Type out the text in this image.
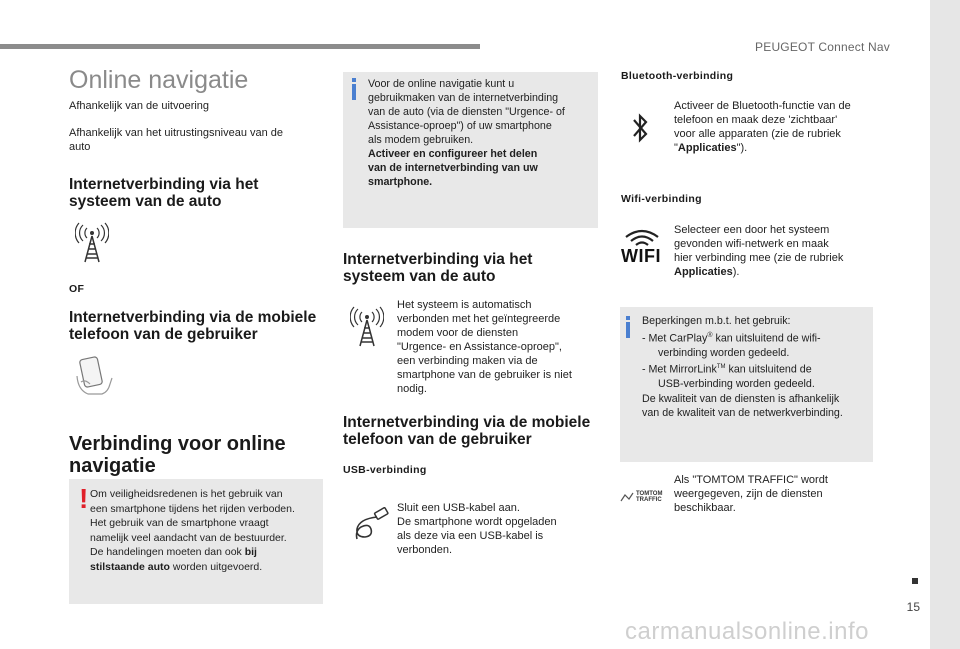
PEUGEOT Connect Nav
15
Online navigatie
Afhankelijk van de uitvoering
Afhankelijk van het uitrustingsniveau van de auto
Internetverbinding via het systeem van de auto
OF
Internetverbinding via de mobiele telefoon van de gebruiker
Verbinding voor online navigatie
! Om veiligheidsredenen is het gebruik van

een smartphone tijdens het rijden verboden.

Het gebruik van de smartphone vraagt

namelijk veel aandacht van de bestuurder.

De handelingen moeten dan ook bij

stilstaande auto worden uitgevoerd.

Voor de online navigatie kunt u

gebruikmaken van de internetverbinding

van de auto (via de diensten "Urgence- of

Assistance-oproep") of uw smartphone

als modem gebruiken.

Activeer en configureer het delen

van de internetverbinding van uw

smartphone.

Internetverbinding via het systeem van de auto
Het systeem is automatisch
verbonden met het geïntegreerde
modem voor de diensten
"Urgence- en Assistance-oproep",
een verbinding maken via de
smartphone van de gebruiker is niet
nodig.
Internetverbinding via de mobiele telefoon van de gebruiker
USB-verbinding
Sluit een USB-kabel aan.
De smartphone wordt opgeladen
als deze via een USB-kabel is
verbonden.
Bluetooth-verbinding
Activeer de Bluetooth-functie van de
telefoon en maak deze 'zichtbaar'
voor alle apparaten (zie de rubriek
"Applicaties").
Wifi-verbinding
WIFI
Selecteer een door het systeem
gevonden wifi-netwerk en maak
hier verbinding mee (zie de rubriek
Applicaties).

Beperkingen m.b.t. het gebruik:

- Met CarPlay® kan uitsluitend de wifi-

verbinding worden gedeeld.

- Met MirrorLink™ kan uitsluitend de

USB-verbinding worden gedeeld.

De kwaliteit van de diensten is afhankelijk

van de kwaliteit van de netwerkverbinding.

TOMTOM
TRAFFIC
Als "TOMTOM TRAFFIC" wordt
weergegeven, zijn de diensten
beschikbaar.
carmanualsonline.info
